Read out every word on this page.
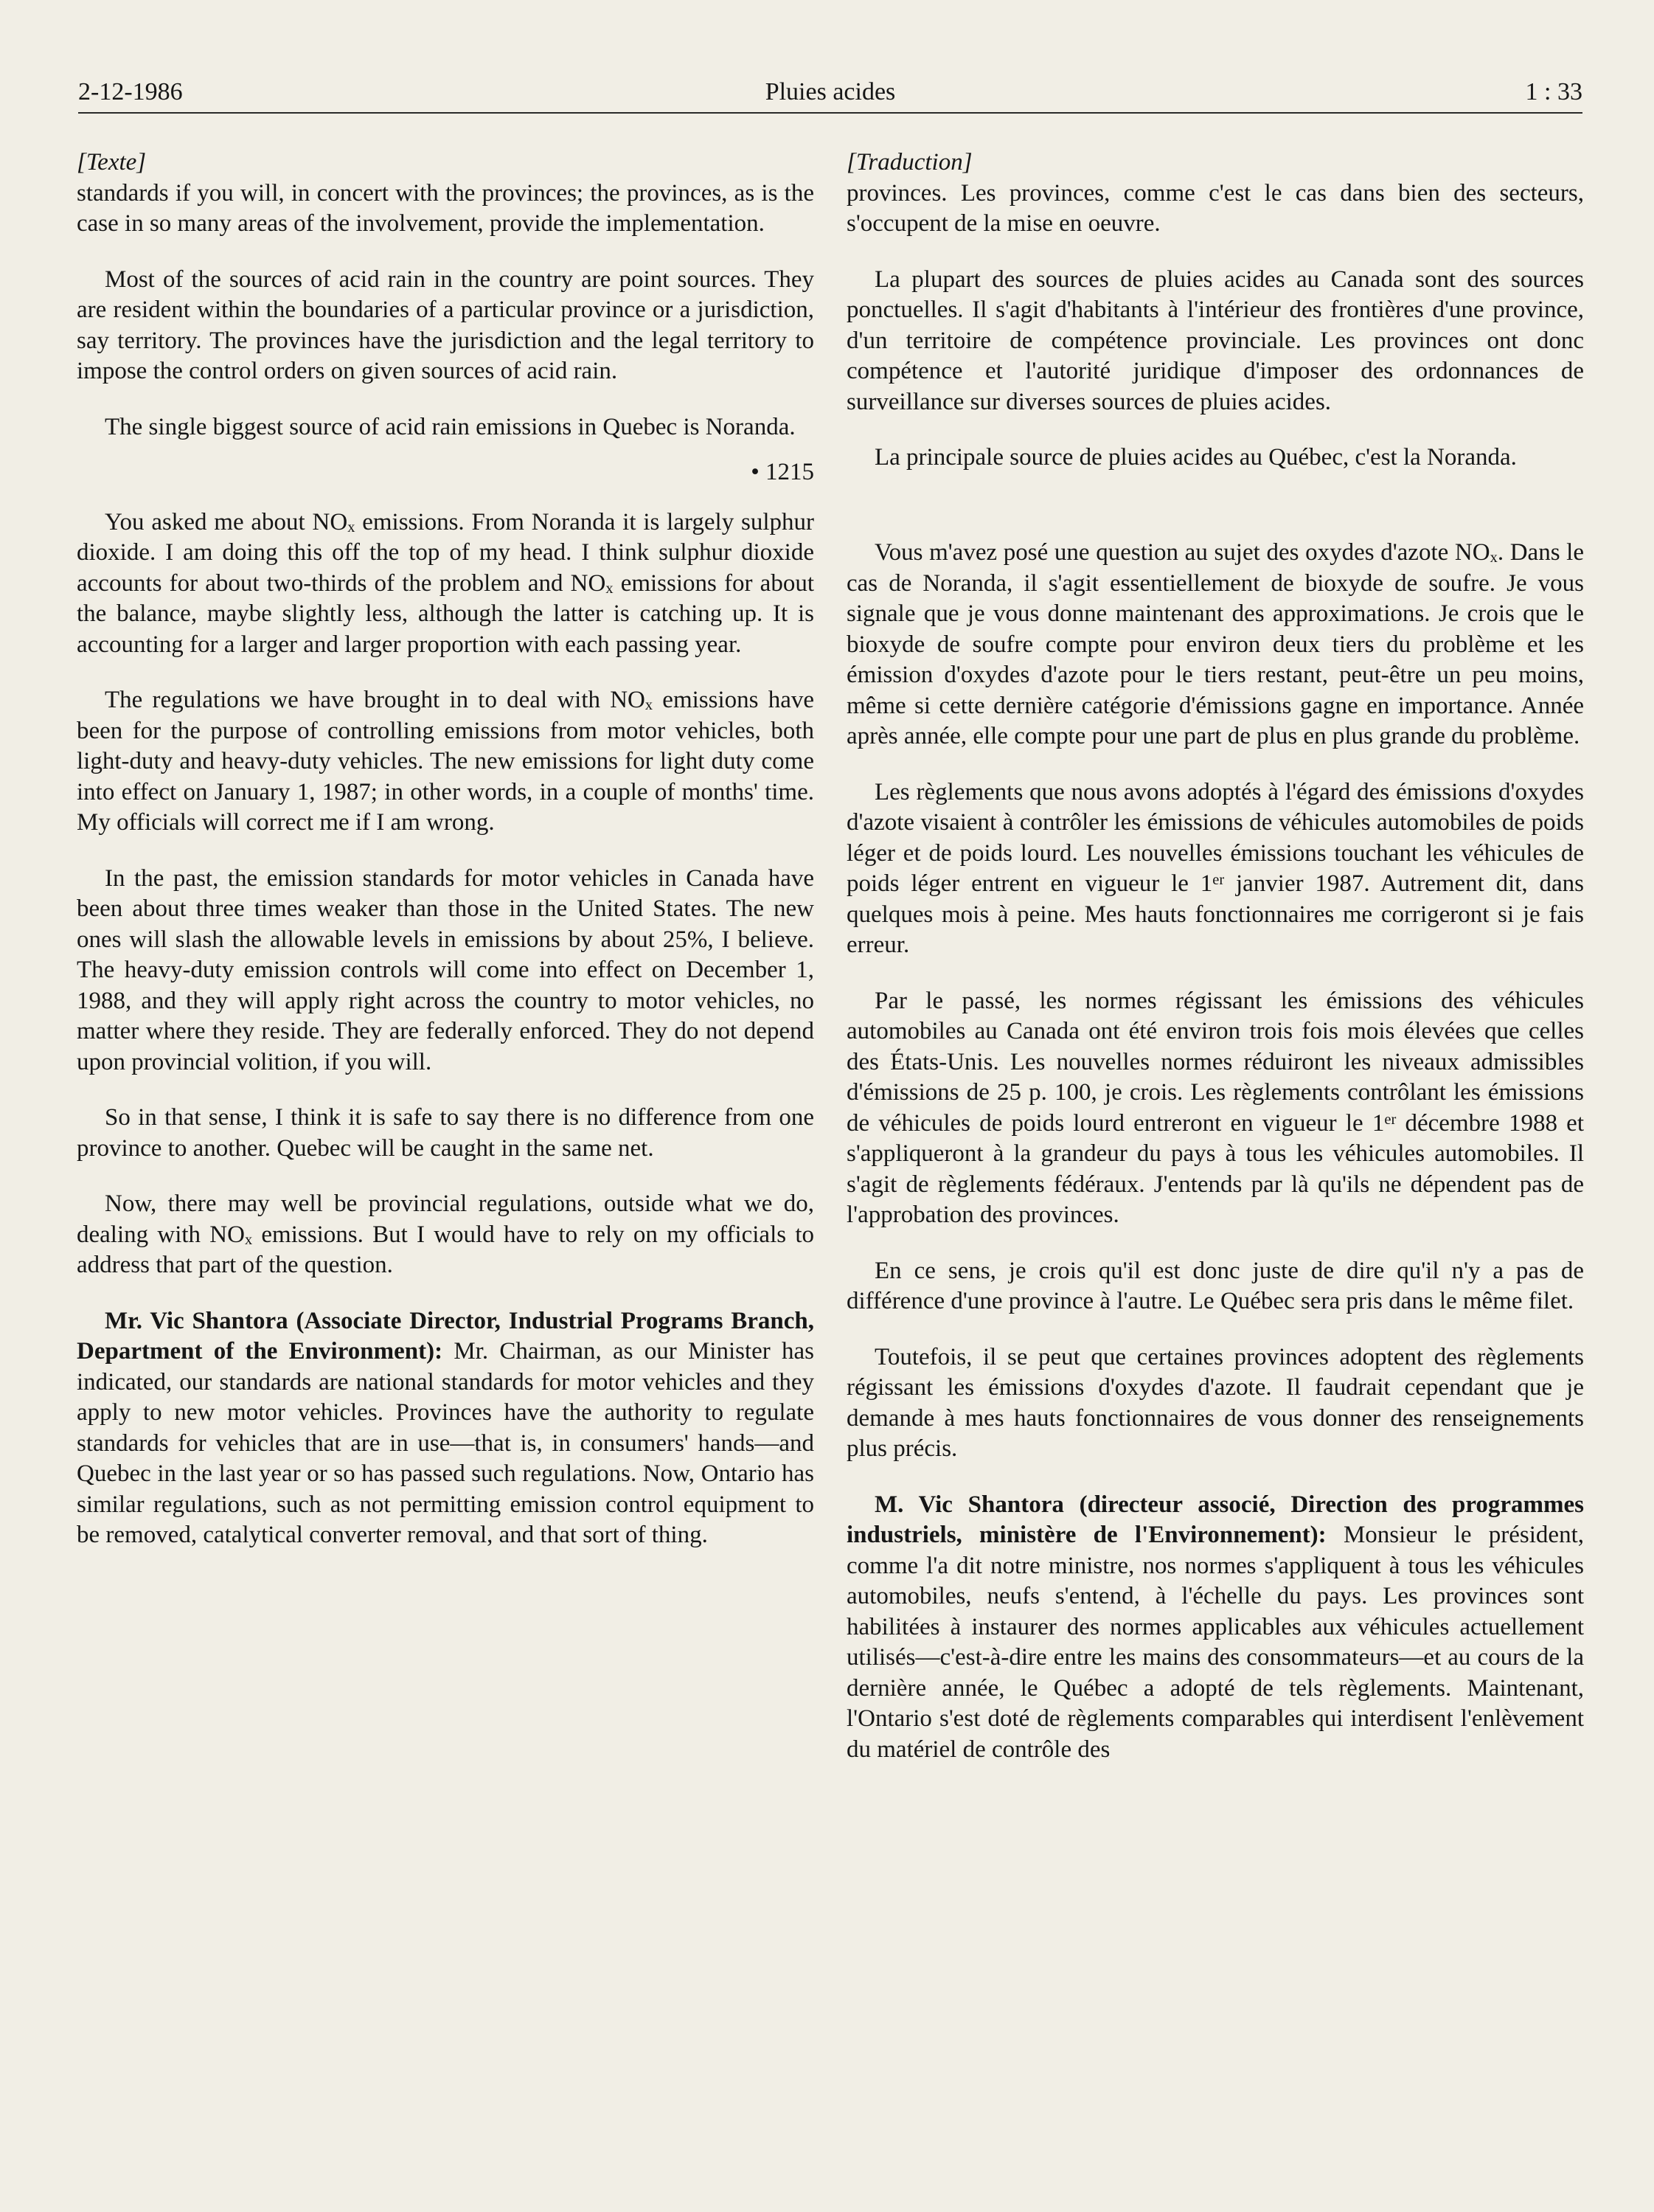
2-12-1986	Pluies acides	1 : 33

[Texte]

standards if you will, in concert with the provinces; the provinces, as is the case in so many areas of the involvement, provide the implementation.

Most of the sources of acid rain in the country are point sources. They are resident within the boundaries of a particular province or a jurisdiction, say territory. The provinces have the jurisdiction and the legal territory to impose the control orders on given sources of acid rain.

The single biggest source of acid rain emissions in Quebec is Noranda.

• 1215

You asked me about $NO_x$ emissions. From Noranda it is largely sulphur dioxide. I am doing this off the top of my head. I think sulphur dioxide accounts for about two-thirds of the problem and $NO_x$ emissions for about the balance, maybe slightly less, although the latter is catching up. It is accounting for a larger and larger proportion with each passing year.

The regulations we have brought in to deal with $NO_x$ emissions have been for the purpose of controlling emissions from motor vehicles, both light-duty and heavy-duty vehicles. The new emissions for light duty come into effect on January 1, 1987; in other words, in a couple of months' time. My officials will correct me if I am wrong.

In the past, the emission standards for motor vehicles in Canada have been about three times weaker than those in the United States. The new ones will slash the allowable levels in emissions by about 25%, I believe. The heavy-duty emission controls will come into effect on December 1, 1988, and they will apply right across the country to motor vehicles, no matter where they reside. They are federally enforced. They do not depend upon provincial volition, if you will.

So in that sense, I think it is safe to say there is no difference from one province to another. Quebec will be caught in the same net.

Now, there may well be provincial regulations, outside what we do, dealing with $NO_x$ emissions. But I would have to rely on my officials to address that part of the question.

Mr. Vic Shantora (Associate Director, Industrial Programs Branch, Department of the Environment): Mr. Chairman, as our Minister has indicated, our standards are national standards for motor vehicles and they apply to new motor vehicles. Provinces have the authority to regulate standards for vehicles that are in use—that is, in consumers' hands—and Quebec in the last year or so has passed such regulations. Now, Ontario has similar regulations, such as not permitting emission control equipment to be removed, catalytical converter removal, and that sort of thing.

[Traduction]

provinces. Les provinces, comme c'est le cas dans bien des secteurs, s'occupent de la mise en oeuvre.

La plupart des sources de pluies acides au Canada sont des sources ponctuelles. Il s'agit d'habitants à l'intérieur des frontières d'une province, d'un territoire de compétence provinciale. Les provinces ont donc compétence et l'autorité juridique d'imposer des ordonnances de surveillance sur diverses sources de pluies acides.

La principale source de pluies acides au Québec, c'est la Noranda.

Vous m'avez posé une question au sujet des oxydes d'azote $NO_x$. Dans le cas de Noranda, il s'agit essentiellement de bioxyde de soufre. Je vous signale que je vous donne maintenant des approximations. Je crois que le bioxyde de soufre compte pour environ deux tiers du problème et les émission d'oxydes d'azote pour le tiers restant, peut-être un peu moins, même si cette dernière catégorie d'émissions gagne en importance. Année après année, elle compte pour une part de plus en plus grande du problème.

Les règlements que nous avons adoptés à l'égard des émissions d'oxydes d'azote visaient à contrôler les émissions de véhicules automobiles de poids léger et de poids lourd. Les nouvelles émissions touchant les véhicules de poids léger entrent en vigueur le 1er janvier 1987. Autrement dit, dans quelques mois à peine. Mes hauts fonctionnaires me corrigeront si je fais erreur.

Par le passé, les normes régissant les émissions des véhicules automobiles au Canada ont été environ trois fois mois élevées que celles des États-Unis. Les nouvelles normes réduiront les niveaux admissibles d'émissions de 25 p. 100, je crois. Les règlements contrôlant les émissions de véhicules de poids lourd entreront en vigueur le 1er décembre 1988 et s'appliqueront à la grandeur du pays à tous les véhicules automobiles. Il s'agit de règlements fédéraux. J'entends par là qu'ils ne dépendent pas de l'approbation des provinces.

En ce sens, je crois qu'il est donc juste de dire qu'il n'y a pas de différence d'une province à l'autre. Le Québec sera pris dans le même filet.

Toutefois, il se peut que certaines provinces adoptent des règlements régissant les émissions d'oxydes d'azote. Il faudrait cependant que je demande à mes hauts fonctionnaires de vous donner des renseignements plus précis.

M. Vic Shantora (directeur associé, Direction des programmes industriels, ministère de l'Environnement): Monsieur le président, comme l'a dit notre ministre, nos normes s'appliquent à tous les véhicules automobiles, neufs s'entend, à l'échelle du pays. Les provinces sont habilitées à instaurer des normes applicables aux véhicules actuellement utilisés—c'est-à-dire entre les mains des consommateurs—et au cours de la dernière année, le Québec a adopté de tels règlements. Maintenant, l'Ontario s'est doté de règlements comparables qui interdisent l'enlèvement du matériel de contrôle des
